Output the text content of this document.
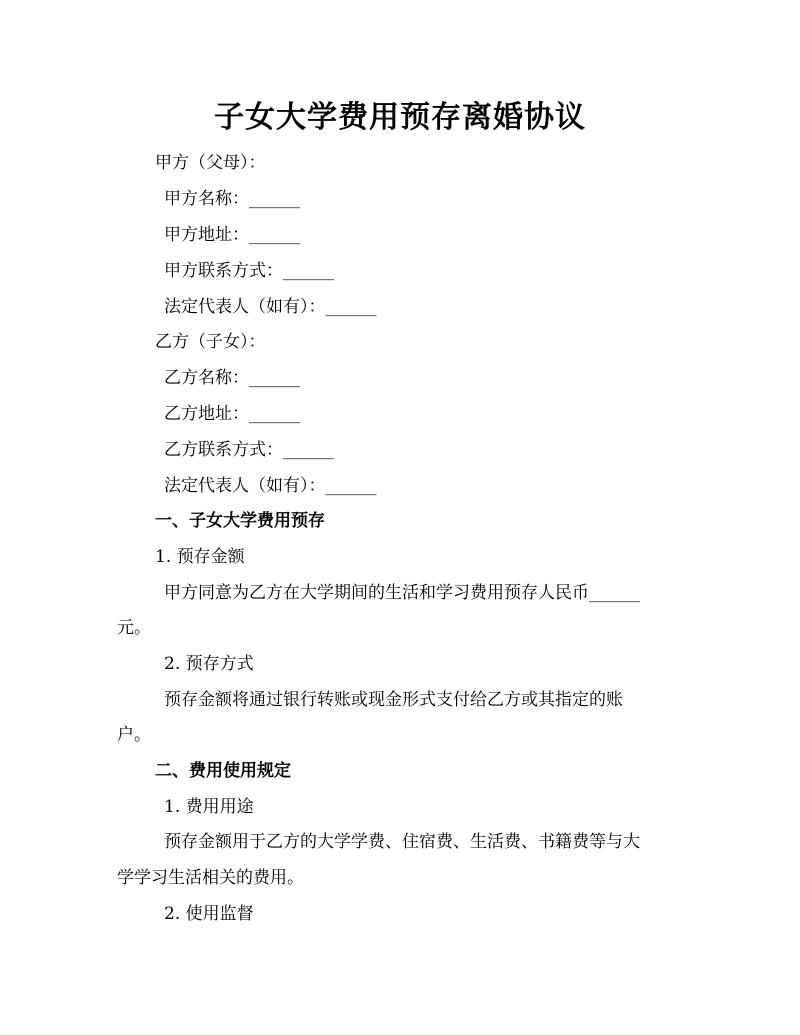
子女大学费用预存离婚协议
甲方（父母）：
甲方名称：______
甲方地址：______
甲方联系方式：______
法定代表人（如有）：______
乙方（子女）：
乙方名称：______
乙方地址：______
乙方联系方式：______
法定代表人（如有）：______
一、子女大学费用预存
1. 预存金额
甲方同意为乙方在大学期间的生活和学习费用预存人民币______
元。
2. 预存方式
预存金额将通过银行转账或现金形式支付给乙方或其指定的账
户。
二、费用使用规定
1. 费用用途
预存金额用于乙方的大学学费、住宿费、生活费、书籍费等与大
学学习生活相关的费用。
2. 使用监督
